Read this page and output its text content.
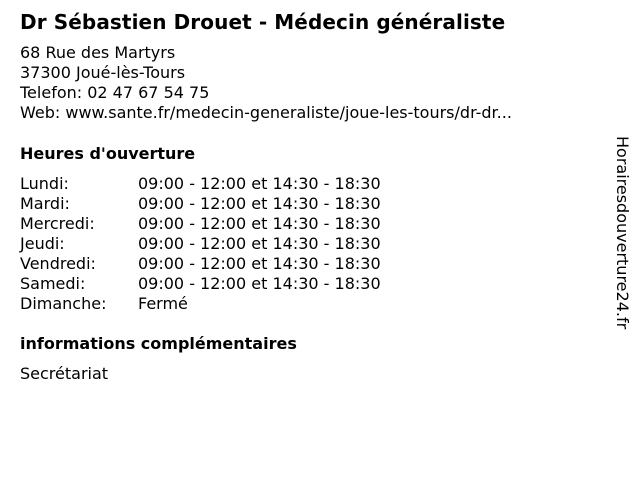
Dr Sébastien Drouet - Médecin généraliste
68 Rue des Martyrs
37300 Joué-lès-Tours
Telefon: 02 47 67 54 75
Web: www.sante.fr/medecin-generaliste/joue-les-tours/dr-dr...
Heures d'ouverture
Lundi:	09:00 - 12:00 et 14:30 - 18:30
Mardi:	09:00 - 12:00 et 14:30 - 18:30
Mercredi:	09:00 - 12:00 et 14:30 - 18:30
Jeudi:	09:00 - 12:00 et 14:30 - 18:30
Vendredi:	09:00 - 12:00 et 14:30 - 18:30
Samedi:	09:00 - 12:00 et 14:30 - 18:30
Dimanche: Fermé
informations complémentaires
Secrétariat
Horairesdouverture24.fr
